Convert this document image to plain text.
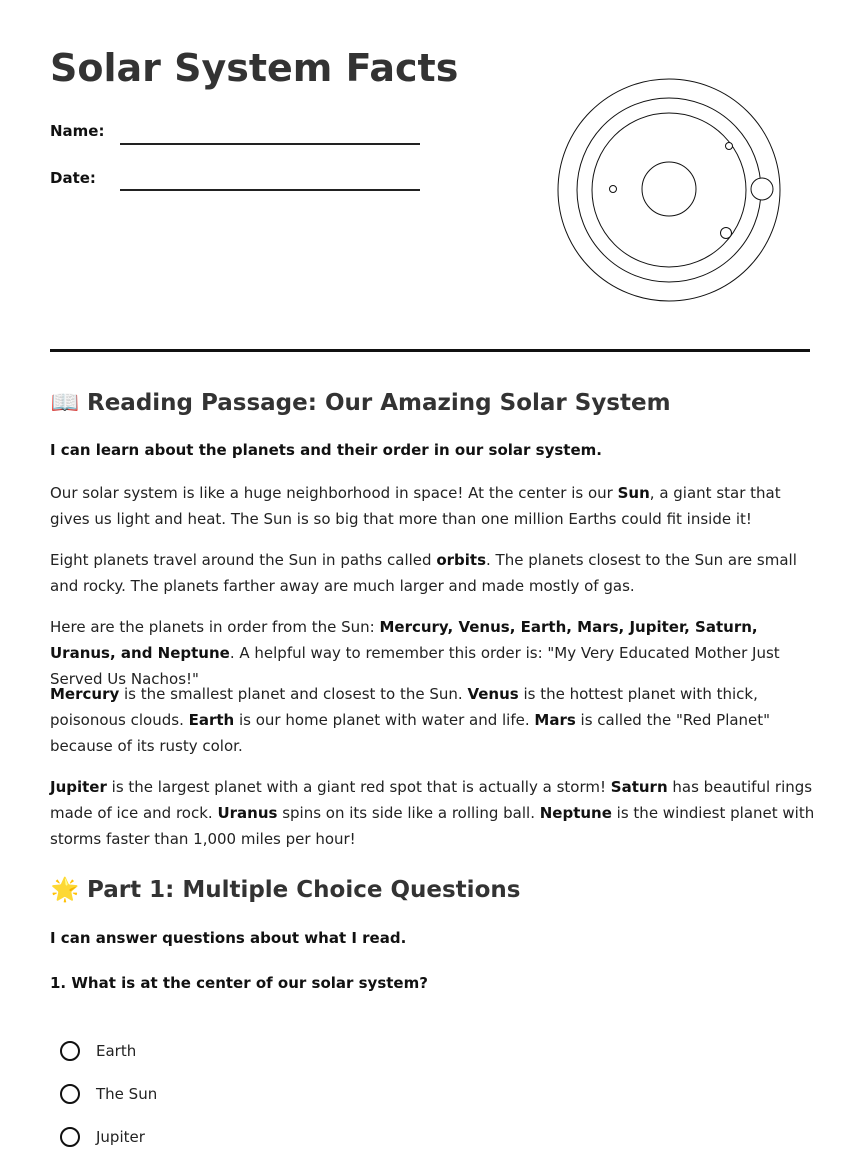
Solar System Facts
Name:
Date:
📖 Reading Passage: Our Amazing Solar System
I can learn about the planets and their order in our solar system.

Our solar system is like a huge neighborhood in space! At the center is our Sun, a giant star that gives us light and heat. The Sun is so big that more than one million Earths could fit inside it!

Eight planets travel around the Sun in paths called orbits. The planets closest to the Sun are small and rocky. The planets farther away are much larger and made mostly of gas.

Here are the planets in order from the Sun: Mercury, Venus, Earth, Mars, Jupiter, Saturn, Uranus, and Neptune. A helpful way to remember this order is: "My Very Educated Mother Just Served Us Nachos!"

Mercury is the smallest planet and closest to the Sun. Venus is the hottest planet with thick, poisonous clouds. Earth is our home planet with water and life. Mars is called the "Red Planet" because of its rusty color.

Jupiter is the largest planet with a giant red spot that is actually a storm! Saturn has beautiful rings made of ice and rock. Uranus spins on its side like a rolling ball. Neptune is the windiest planet with storms faster than 1,000 miles per hour!

🌟 Part 1: Multiple Choice Questions
I can answer questions about what I read.
1. What is at the center of our solar system?
Earth
The Sun
Jupiter
